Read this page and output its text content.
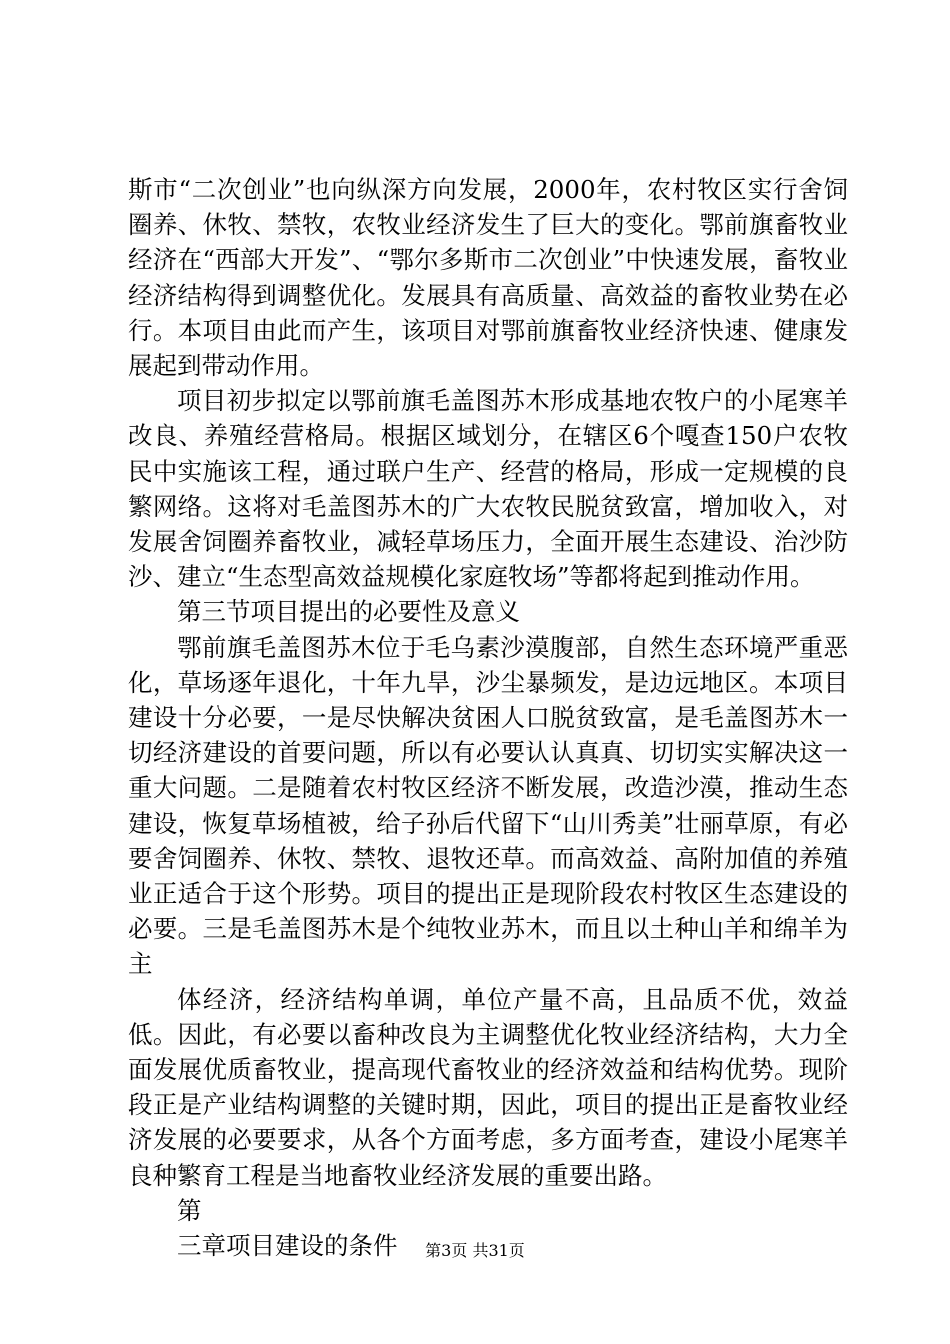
斯市“二次创业”也向纵深方向发展，2000年，农村牧区实行舍饲圈养、休牧、禁牧，农牧业经济发生了巨大的变化。鄂前旗畜牧业经济在“西部大开发”、“鄂尔多斯市二次创业”中快速发展，畜牧业经济结构得到调整优化。发展具有高质量、高效益的畜牧业势在必行。本项目由此而产生，该项目对鄂前旗畜牧业经济快速、健康发展起到带动作用。

项目初步拟定以鄂前旗毛盖图苏木形成基地农牧户的小尾寒羊改良、养殖经营格局。根据区域划分，在辖区6个嘎查150户农牧民中实施该工程，通过联户生产、经营的格局，形成一定规模的良繁网络。这将对毛盖图苏木的广大农牧民脱贫致富，增加收入，对发展舍饲圈养畜牧业，减轻草场压力，全面开展生态建设、治沙防沙、建立“生态型高效益规模化家庭牧场”等都将起到推动作用。

第三节项目提出的必要性及意义

鄂前旗毛盖图苏木位于毛乌素沙漠腹部，自然生态环境严重恶化，草场逐年退化，十年九旱，沙尘暴频发，是边远地区。本项目建设十分必要，一是尽快解决贫困人口脱贫致富，是毛盖图苏木一切经济建设的首要问题，所以有必要认认真真、切切实实解决这一重大问题。二是随着农村牧区经济不断发展，改造沙漠，推动生态建设，恢复草场植被，给子孙后代留下“山川秀美”壮丽草原，有必要舍饲圈养、休牧、禁牧、退牧还草。而高效益、高附加值的养殖业正适合于这个形势。项目的提出正是现阶段农村牧区生态建设的必要。三是毛盖图苏木是个纯牧业苏木，而且以土种山羊和绵羊为主

体经济，经济结构单调，单位产量不高，且品质不优，效益低。因此，有必要以畜种改良为主调整优化牧业经济结构，大力全面发展优质畜牧业，提高现代畜牧业的经济效益和结构优势。现阶段正是产业结构调整的关键时期，因此，项目的提出正是畜牧业经济发展的必要要求，从各个方面考虑，多方面考查，建设小尾寒羊良种繁育工程是当地畜牧业经济发展的重要出路。

第

三章项目建设的条件	第3页 共31页
